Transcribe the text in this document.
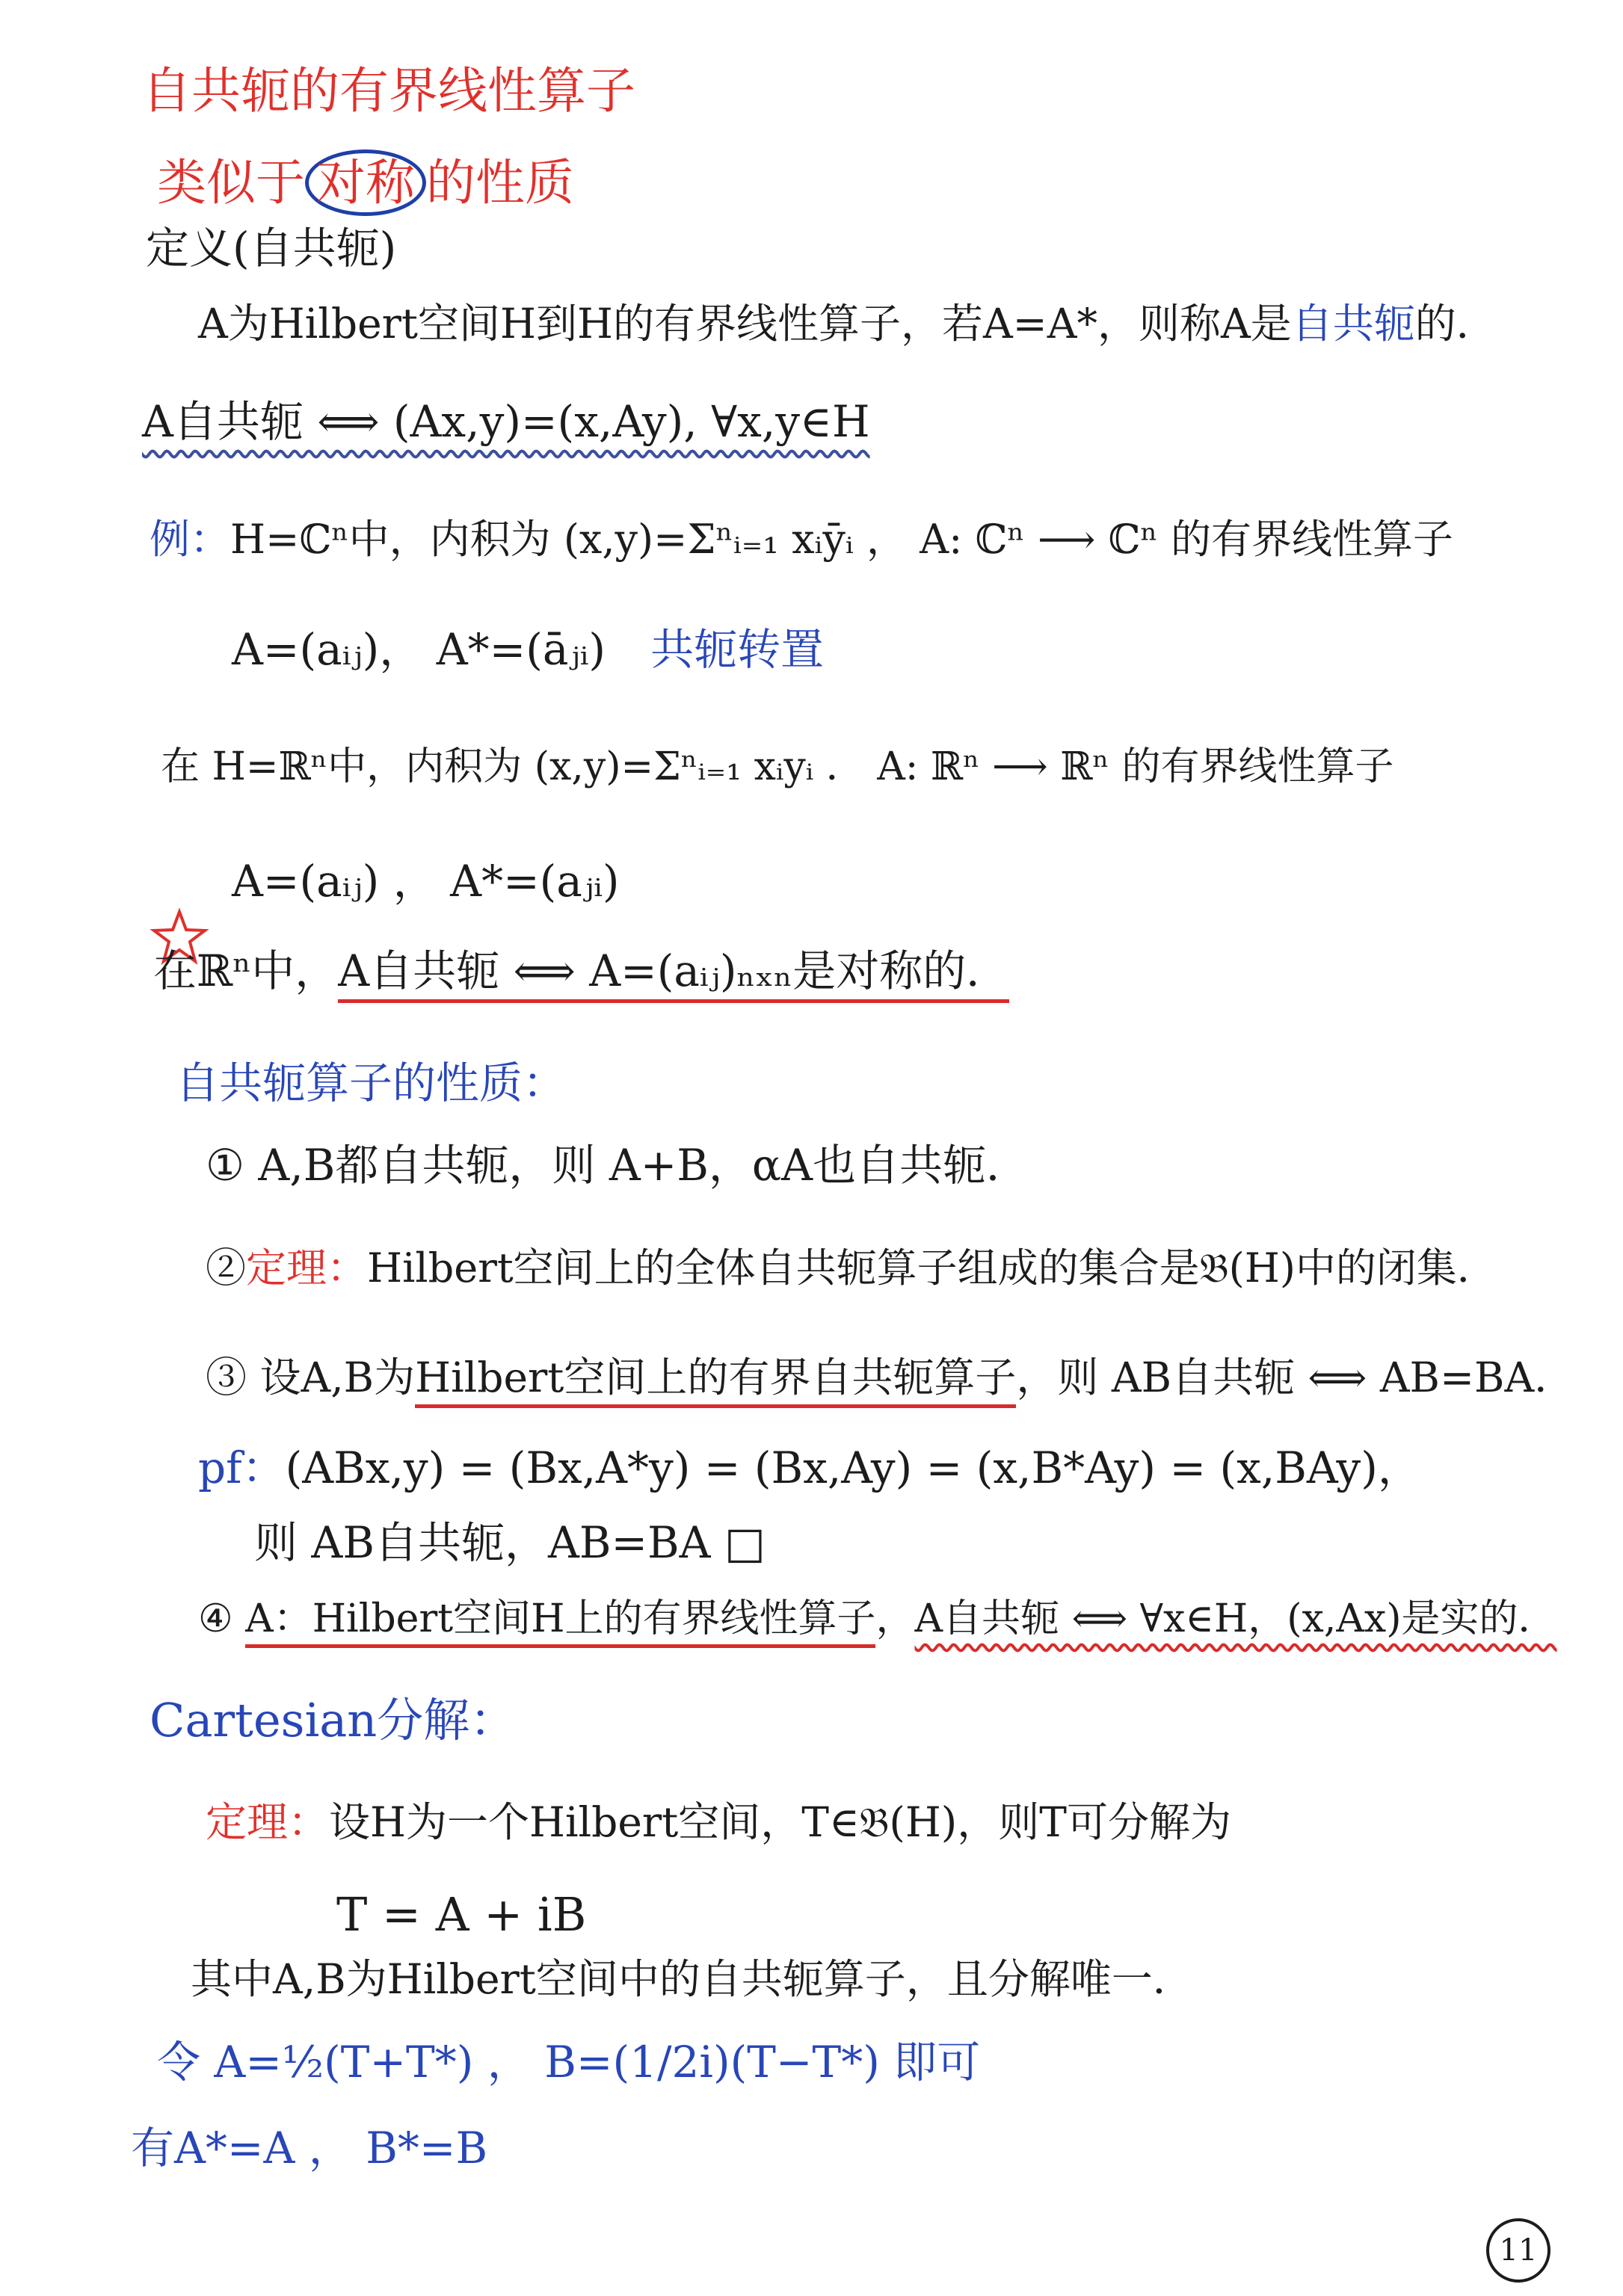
自共轭的有界线性算子
类似于 对称 的性质
定义(自共轭)
A为Hilbert空间H到H的有界线性算子，若A=A*，则称A是自共轭的．
A自共轭 ⟺ (Ax,y)=(x,Ay), ∀x,y∈H
例：H=ℂⁿ中，内积为 (x,y)=Σⁿᵢ₌₁ xᵢȳᵢ ， A: ℂⁿ ⟶ ℂⁿ 的有界线性算子
A=(aᵢⱼ)， A*=(āⱼᵢ) 共轭转置
在 H=ℝⁿ中，内积为 (x,y)=Σⁿᵢ₌₁ xᵢyᵢ ． A: ℝⁿ ⟶ ℝⁿ 的有界线性算子
A=(aᵢⱼ) ， A*=(aⱼᵢ)
在ℝⁿ中，A自共轭 ⟺ A=(aᵢⱼ)ₙₓₙ是对称的．
自共轭算子的性质：
① A,B都自共轭，则 A+B，αA也自共轭．
②定理：Hilbert空间上的全体自共轭算子组成的集合是𝔅(H)中的闭集．
③ 设A,B为Hilbert空间上的有界自共轭算子，则 AB自共轭 ⟺ AB=BA．
pf：(ABx,y) = (Bx,A*y) = (Bx,Ay) = (x,B*Ay) = (x,BAy)，
则 AB自共轭，AB=BA □
④ A：Hilbert空间H上的有界线性算子，A自共轭 ⟺ ∀x∈H，(x,Ax)是实的．
Cartesian分解：
定理：设H为一个Hilbert空间，T∈𝔅(H)，则T可分解为
T = A + iB
其中A,B为Hilbert空间中的自共轭算子，且分解唯一．
令 A=½(T+T*) ， B=(1/2i)(T−T*) 即可
有A*=A ， B*=B
11
